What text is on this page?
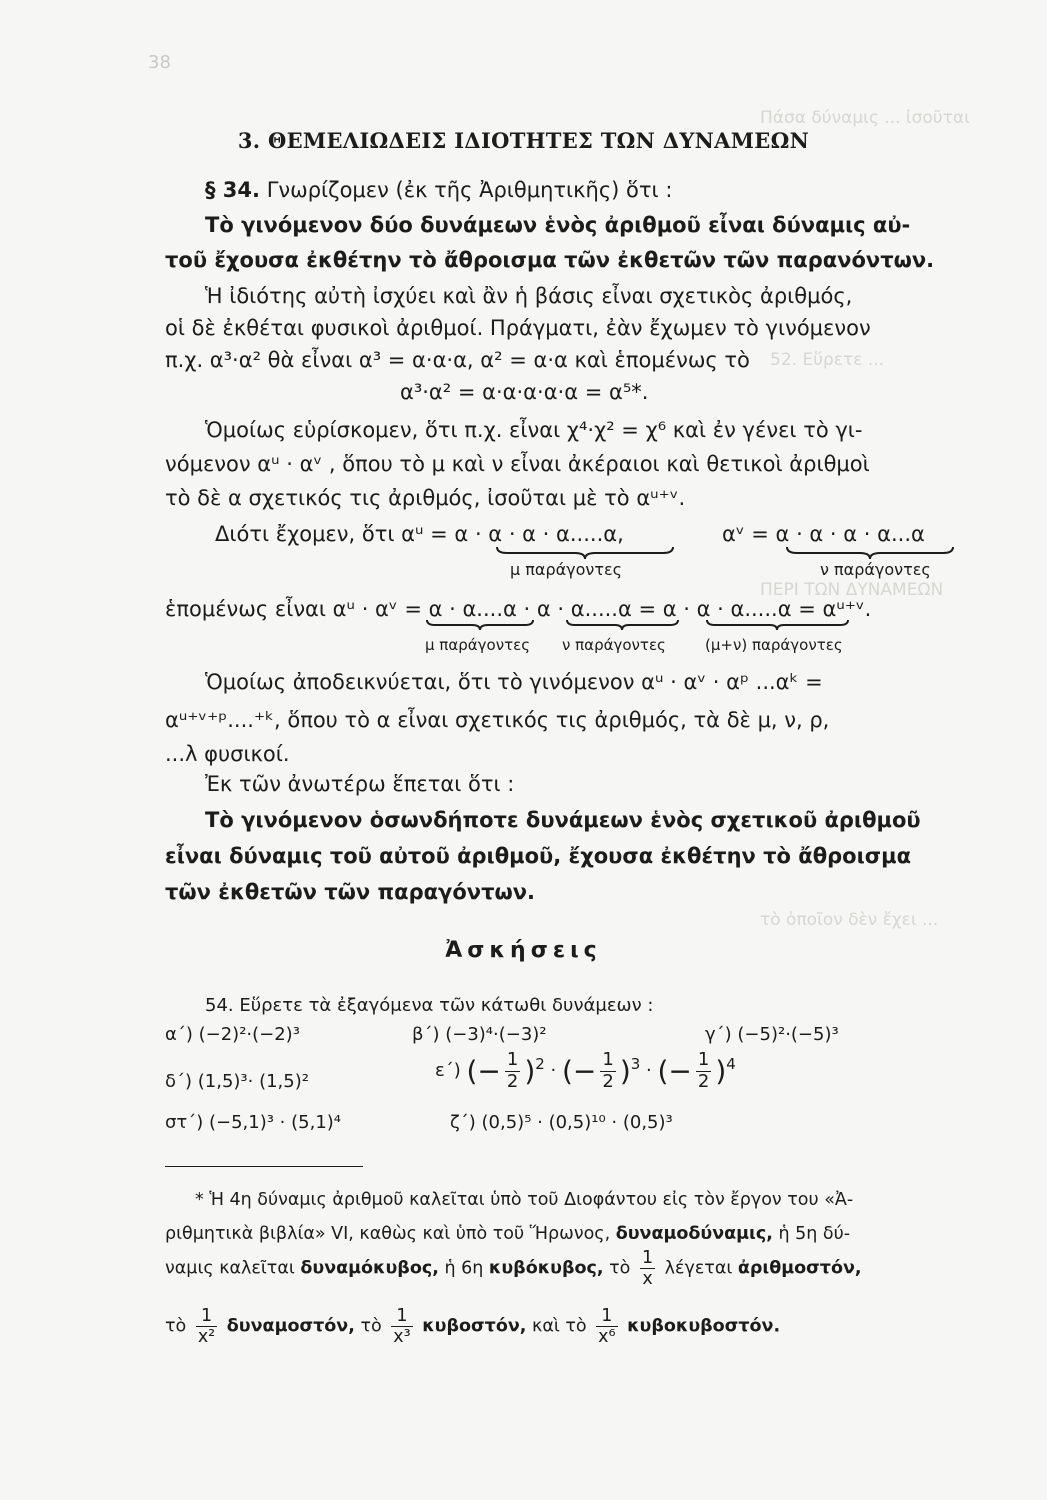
Πάσα δύναμις ... ἰσοῦται
52. Εὕρετε ...
ΠΕΡΙ ΤΩΝ ΔΥΝΑΜΕΩΝ
τὸ ὁποῖον δὲν ἔχει ...
38
3. ΘΕΜΕΛΙΩΔΕΙΣ ΙΔΙΟΤΗΤΕΣ ΤΩΝ ΔΥΝΑΜΕΩΝ
§ 34. Γνωρίζομεν (ἐκ τῆς Ἀριθμητικῆς) ὅτι :
Τὸ γινόμενον δύο δυνάμεων ἑνὸς ἀριθμοῦ εἶναι δύναμις αὐ-
τοῦ ἔχουσα ἐκθέτην τὸ ἄθροισμα τῶν ἐκθετῶν τῶν παρανόντων.
Ἡ ἰδιότης αὐτὴ ἰσχύει καὶ ἂν ἡ βάσις εἶναι σχετικὸς ἀριθμός,
οἱ δὲ ἐκθέται φυσικοὶ ἀριθμοί. Πράγματι, ἐὰν ἔχωμεν τὸ γινόμενον
π.χ. α³·α² θὰ εἶναι α³ = α·α·α, α² = α·α καὶ ἑπομένως τὸ
α³·α² = α·α·α·α·α = α⁵*.
Ὁμοίως εὑρίσκομεν, ὅτι π.χ. εἶναι χ⁴·χ² = χ⁶ καὶ ἐν γένει τὸ γι-
νόμενον αᵘ · αᵛ , ὅπου τὸ μ καὶ ν εἶναι ἀκέραιοι καὶ θετικοὶ ἀριθμοὶ
τὸ δὲ α σχετικός τις ἀριθμός, ἰσοῦται μὲ τὸ αᵘ⁺ᵛ.
Διότι ἔχομεν, ὅτι αᵘ = α · α · α · α.....α,	αᵛ = α · α · α · α...α
μ παράγοντες	ν παράγοντες
ἑπομένως εἶναι αᵘ · αᵛ = α · α....α · α · α.....α = α · α · α.....α = αᵘ⁺ᵛ.
μ παράγοντες ν παράγοντες	(μ+ν) παράγοντες
Ὁμοίως ἀποδεικνύεται, ὅτι τὸ γινόμενον αᵘ · αᵛ · αᵖ ...αᵏ =
αᵘ⁺ᵛ⁺ᵖ....⁺ᵏ, ὅπου τὸ α εἶναι σχετικός τις ἀριθμός, τὰ δὲ μ, ν, ρ,
...λ φυσικοί.
Ἐκ τῶν ἀνωτέρω ἕπεται ὅτι :
Τὸ γινόμενον ὁσωνδήποτε δυνάμεων ἑνὸς σχετικοῦ ἀριθμοῦ
εἶναι δύναμις τοῦ αὐτοῦ ἀριθμοῦ, ἔχουσα ἐκθέτην τὸ ἄθροισμα
τῶν ἐκθετῶν τῶν παραγόντων.
Ἀσκήσεις
54. Εὕρετε τὰ ἐξαγόμενα τῶν κάτωθι δυνάμεων :
α΄) (−2)²·(−2)³	β΄) (−3)⁴·(−3)²	γ΄) (−5)²·(−5)³
δ΄) (1,5)³· (1,5)²
ε΄) (− $\frac{1}{2} )^2$ · (− $\frac{1}{2} )^3$ · (− $\frac{1}{2} )^4$
στ΄) (−5,1)³ · (5,1)⁴	ζ΄) (0,5)⁵ · (0,5)¹⁰ · (0,5)³
* Ἡ 4η δύναμις ἀριθμοῦ καλεῖται ὑπὸ τοῦ Διοφάντου εἰς τὸν ἔργον του «Ἀ-
ριθμητικὰ βιβλία» VI, καθὼς καὶ ὑπὸ τοῦ Ἥρωνος, δυναμοδύναμις, ἡ 5η δύ-
ναμις καλεῖται δυναμόκυβος, ἡ 6η κυβόκυβος, τὸ $\frac{1}{x}$ λέγεται ἀριθμοστόν,
τὸ $\frac{1}{\text{x²}} \delta\upsilon\nu\alpha\mu o\sigma\tau ό\nu$, τὸ $\frac{1}{\text{x³}} \kappa\upsilon\beta o\sigma\tau ό\nu$, καὶ τὸ $\frac{1}{\text{x⁶}} \kappa\upsilon\beta o\kappa\upsilon\beta o\sigma\tau ό\nu$.
